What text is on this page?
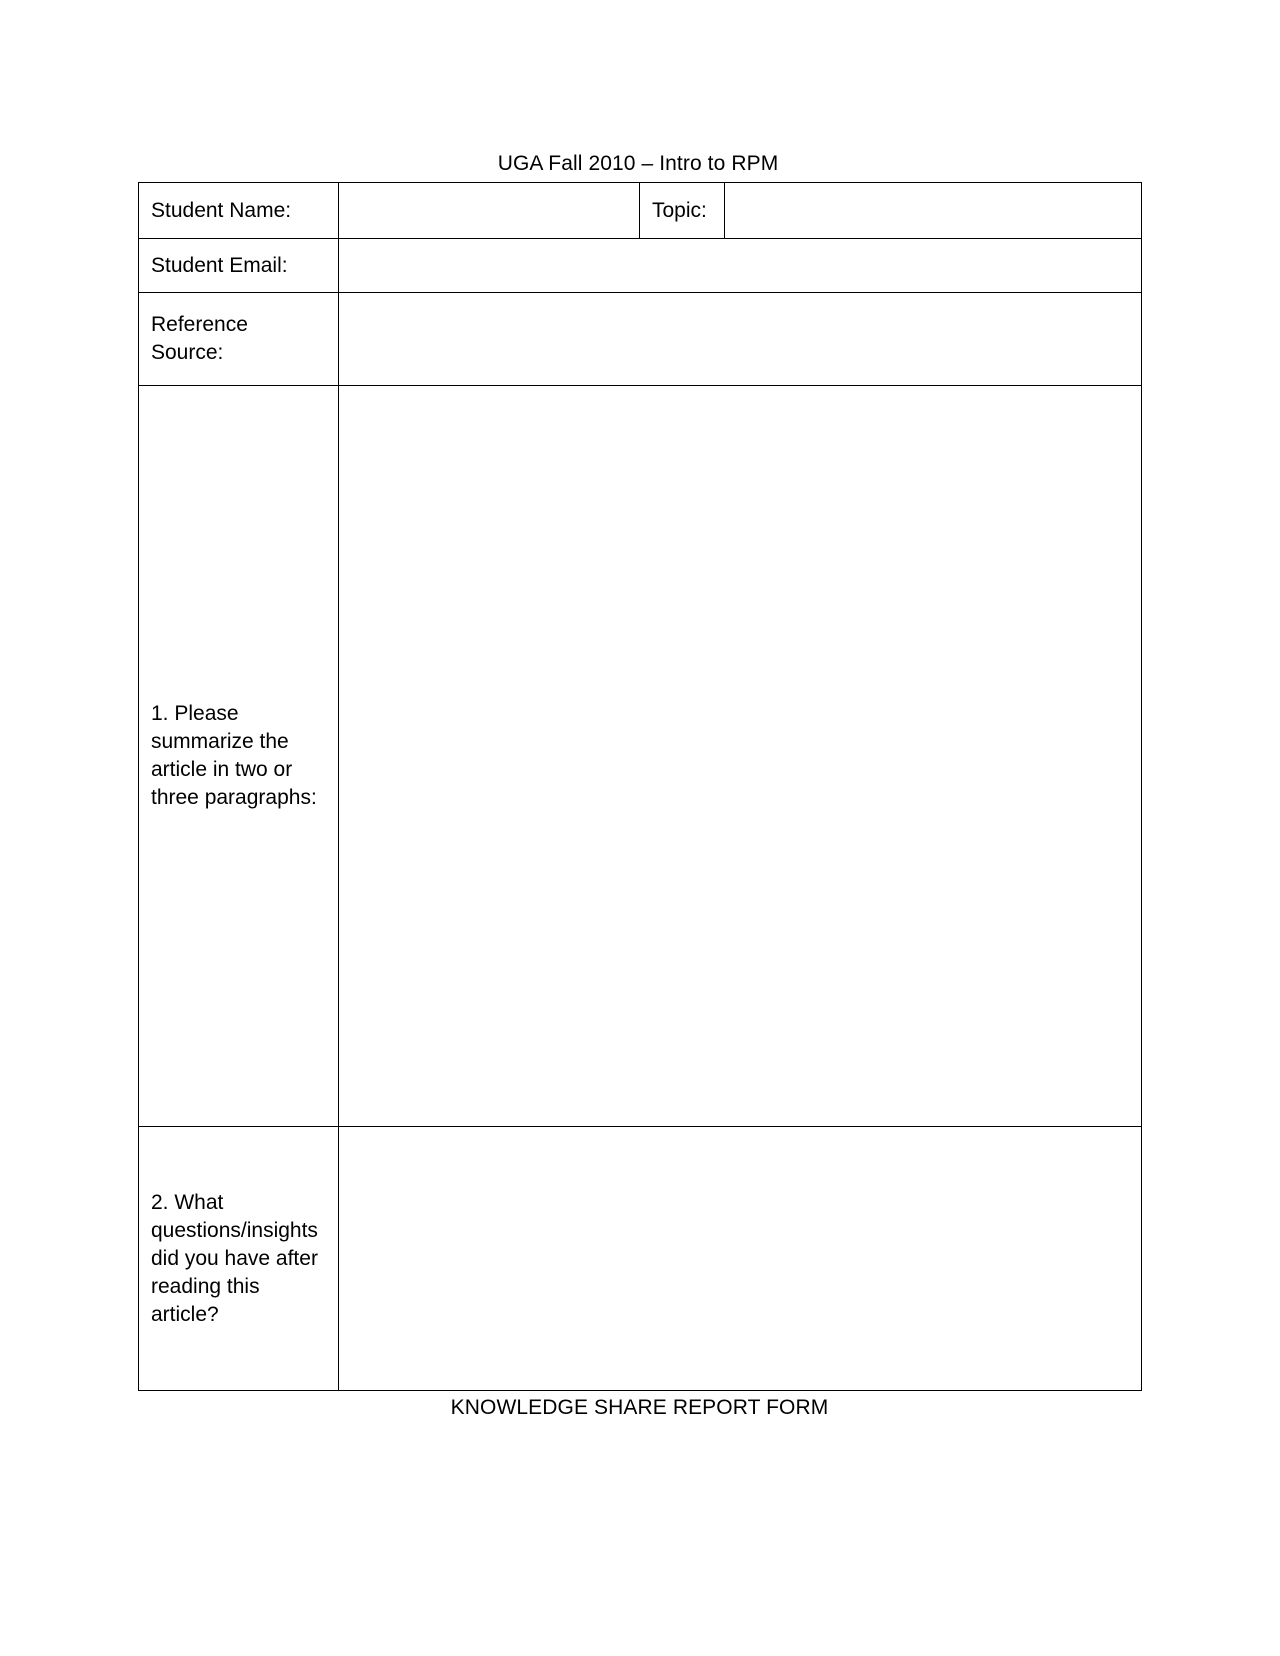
UGA Fall 2010 – Intro to RPM
Student Name:		Topic:	
Student Email:			
Reference Source:			
1. Please summarize the article in two or three paragraphs:			
2. What questions/insights did you have after reading this article?			
KNOWLEDGE SHARE REPORT FORM
